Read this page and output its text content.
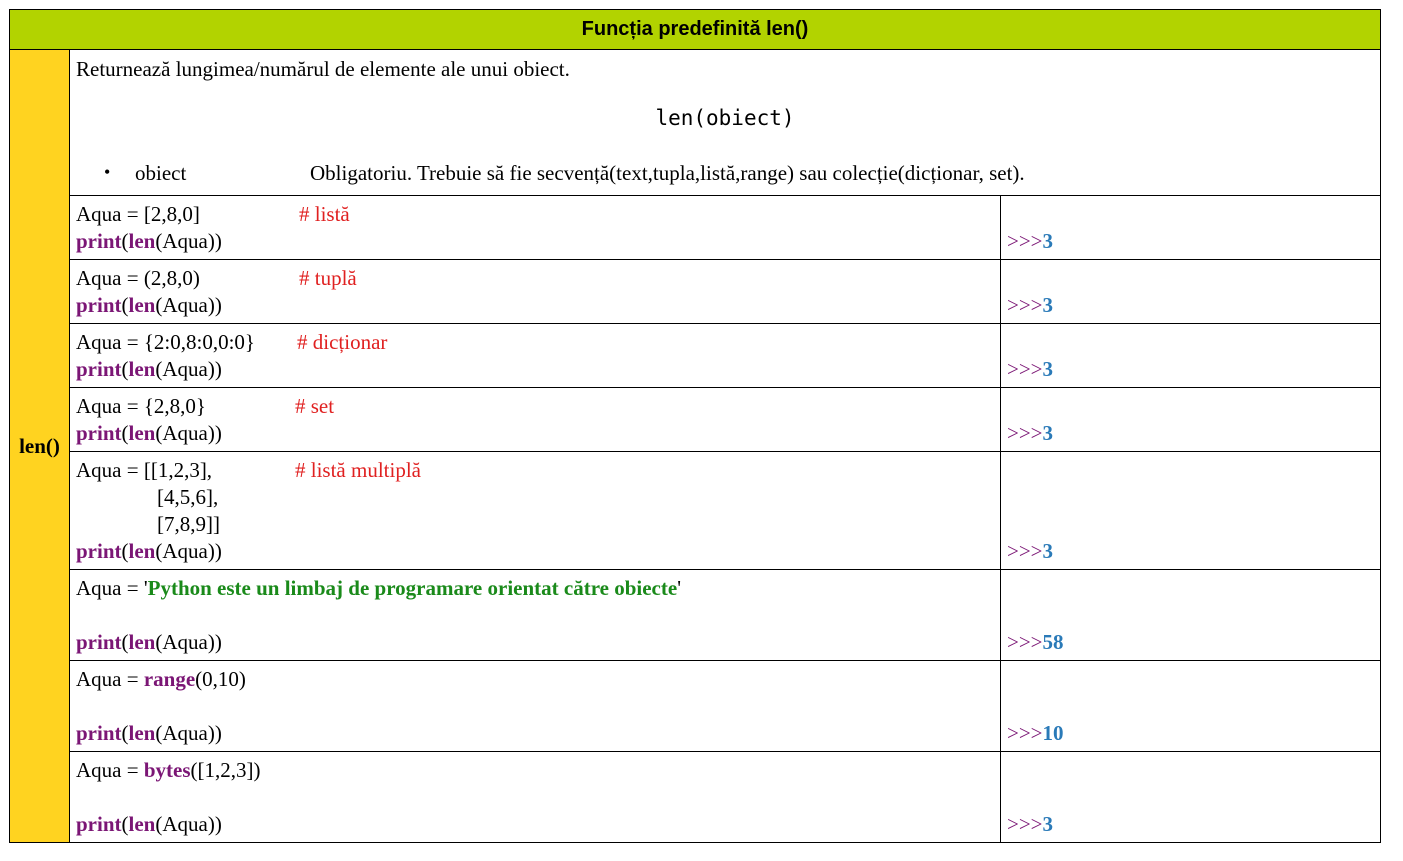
Funcția predefinită len()
len()
Returnează lungimea/numărul de elemente ale unui obiect.
len(obiect)
• obiect	Obligatoriu. Trebuie să fie secvență(text,tupla,listă,range) sau colecție(dicționar, set).
Aqua = [2,8,0]	# listă
print(len(Aqua))	>>>3
Aqua = (2,8,0)	# tuplă
print(len(Aqua))	>>>3
Aqua = {2:0,8:0,0:0} # dicționar
print(len(Aqua))	>>>3
Aqua = {2,8,0}	# set
print(len(Aqua))	>>>3
Aqua = [[1,2,3],	# listă multiplă
[4,5,6],
[7,8,9]]
print(len(Aqua))	>>>3
Aqua = 'Python este un limbaj de programare orientat către obiecte'
print(len(Aqua))	>>>58
Aqua = range(0,10)
print(len(Aqua))	>>>10
Aqua = bytes([1,2,3])
print(len(Aqua))	>>>3
